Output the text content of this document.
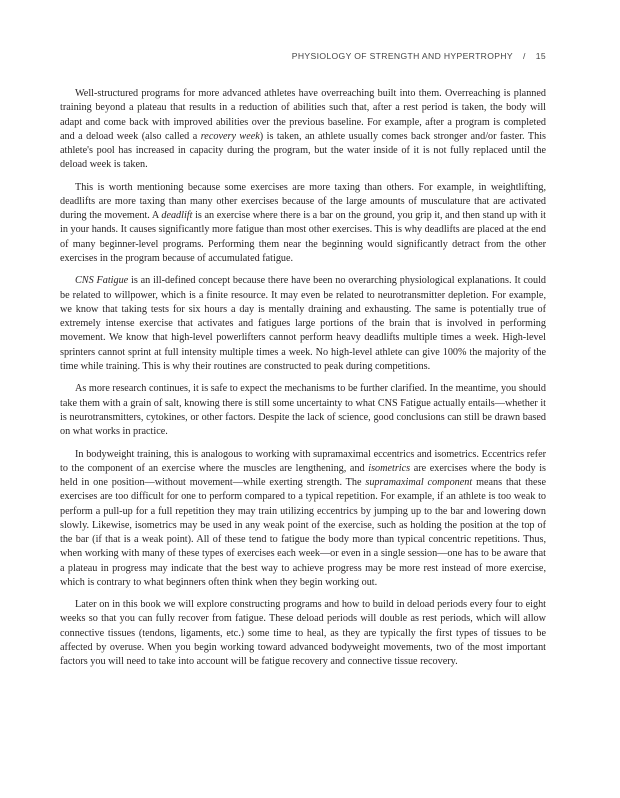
PHYSIOLOGY OF STRENGTH AND HYPERTROPHY / 15

Well-structured programs for more advanced athletes have overreaching built into them. Overreaching is planned training beyond a plateau that results in a reduction of abilities such that, after a rest period is taken, the body will adapt and come back with improved abilities over the previous baseline. For example, after a program is completed and a deload week (also called a recovery week) is taken, an athlete usually comes back stronger and/or faster. This athlete's pool has increased in capacity during the program, but the water inside of it is not fully replaced until the deload week is taken.

This is worth mentioning because some exercises are more taxing than others. For example, in weightlifting, deadlifts are more taxing than many other exercises because of the large amounts of musculature that are activated during the movement. A deadlift is an exercise where there is a bar on the ground, you grip it, and then stand up with it in your hands. It causes significantly more fatigue than most other exercises. This is why deadlifts are placed at the end of many beginner-level programs. Performing them near the beginning would significantly detract from the other exercises in the program because of accumulated fatigue.

CNS Fatigue is an ill-defined concept because there have been no overarching physiological explanations. It could be related to willpower, which is a finite resource. It may even be related to neurotransmitter depletion. For example, we know that taking tests for six hours a day is mentally draining and exhausting. The same is potentially true of extremely intense exercise that activates and fatigues large portions of the brain that is involved in performing movement. We know that high-level powerlifters cannot perform heavy deadlifts multiple times a week. High-level sprinters cannot sprint at full intensity multiple times a week. No high-level athlete can give 100% the majority of the time while training. This is why their routines are constructed to peak during competitions.

As more research continues, it is safe to expect the mechanisms to be further clarified. In the meantime, you should take them with a grain of salt, knowing there is still some uncertainty to what CNS Fatigue actually entails—whether it is neurotransmitters, cytokines, or other factors. Despite the lack of science, good conclusions can still be drawn based on what works in practice.

In bodyweight training, this is analogous to working with supramaximal eccentrics and isometrics. Eccentrics refer to the component of an exercise where the muscles are lengthening, and isometrics are exercises where the body is held in one position—without movement—while exerting strength. The supramaximal component means that these exercises are too difficult for one to perform compared to a typical repetition. For example, if an athlete is too weak to perform a pull-up for a full repetition they may train utilizing eccentrics by jumping up to the bar and lowering down slowly. Likewise, isometrics may be used in any weak point of the exercise, such as holding the position at the top of the bar (if that is a weak point). All of these tend to fatigue the body more than typical concentric repetitions. Thus, when working with many of these types of exercises each week—or even in a single session—one has to be aware that a plateau in progress may indicate that the best way to achieve progress may be more rest instead of more exercise, which is contrary to what beginners often think when they begin working out.

Later on in this book we will explore constructing programs and how to build in deload periods every four to eight weeks so that you can fully recover from fatigue. These deload periods will double as rest periods, which will allow connective tissues (tendons, ligaments, etc.) some time to heal, as they are typically the first types of tissues to be affected by overuse. When you begin working toward advanced bodyweight movements, two of the most important factors you will need to take into account will be fatigue recovery and connective tissue recovery.
